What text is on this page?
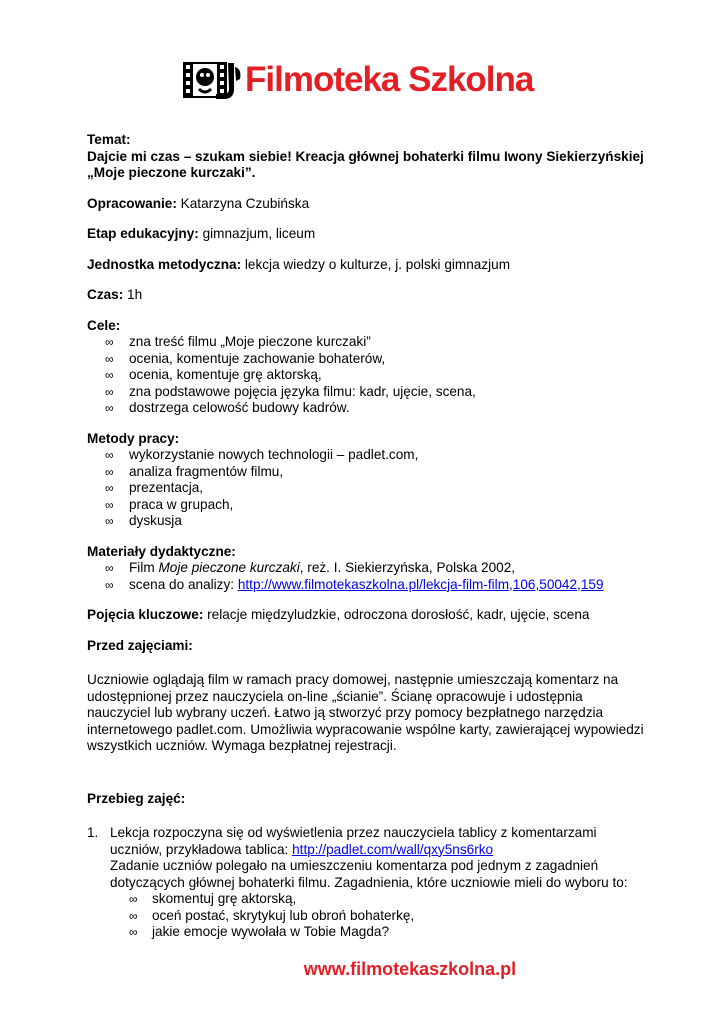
Filmoteka Szkolna
Temat:
Dajcie mi czas – szukam siebie! Kreacja głównej bohaterki filmu Iwony Siekierzyńskiej
„Moje pieczone kurczaki”.
Opracowanie: Katarzyna Czubińska
Etap edukacyjny: gimnazjum, liceum
Jednostka metodyczna: lekcja wiedzy o kulturze, j. polski gimnazjum
Czas: 1h
Cele:
∞ zna treść filmu „Moje pieczone kurczaki”
∞ ocenia, komentuje zachowanie bohaterów,
∞ ocenia, komentuje grę aktorską,
∞ zna podstawowe pojęcia języka filmu: kadr, ujęcie, scena,
∞ dostrzega celowość budowy kadrów.
Metody pracy:
∞ wykorzystanie nowych technologii – padlet.com,
∞ analiza fragmentów filmu,
∞ prezentacja,
∞ praca w grupach,
∞ dyskusja
Materiały dydaktyczne:
∞ Film Moje pieczone kurczaki, reż. I. Siekierzyńska, Polska 2002,
∞ scena do analizy: http://www.filmotekaszkolna.pl/lekcja-film-film,106,50042,159
Pojęcia kluczowe: relacje międzyludzkie, odroczona dorosłość, kadr, ujęcie, scena
Przed zajęciami:
Uczniowie oglądają film w ramach pracy domowej, następnie umieszczają komentarz na
udostępnionej przez nauczyciela on-line „ścianie”. Ścianę opracowuje i udostępnia
nauczyciel lub wybrany uczeń. Łatwo ją stworzyć przy pomocy bezpłatnego narzędzia
internetowego padlet.com. Umożliwia wypracowanie wspólne karty, zawierającej wypowiedzi
wszystkich uczniów. Wymaga bezpłatnej rejestracji.
Przebieg zajęć:
1. Lekcja rozpoczyna się od wyświetlenia przez nauczyciela tablicy z komentarzami
uczniów, przykładowa tablica: http://padlet.com/wall/qxy5ns6rko
Zadanie uczniów polegało na umieszczeniu komentarza pod jednym z zagadnień
dotyczących głównej bohaterki filmu. Zagadnienia, które uczniowie mieli do wyboru to:
∞ skomentuj grę aktorską,
∞ oceń postać, skrytykuj lub obroń bohaterkę,
∞ jakie emocje wywołała w Tobie Magda?
www.filmotekaszkolna.pl
